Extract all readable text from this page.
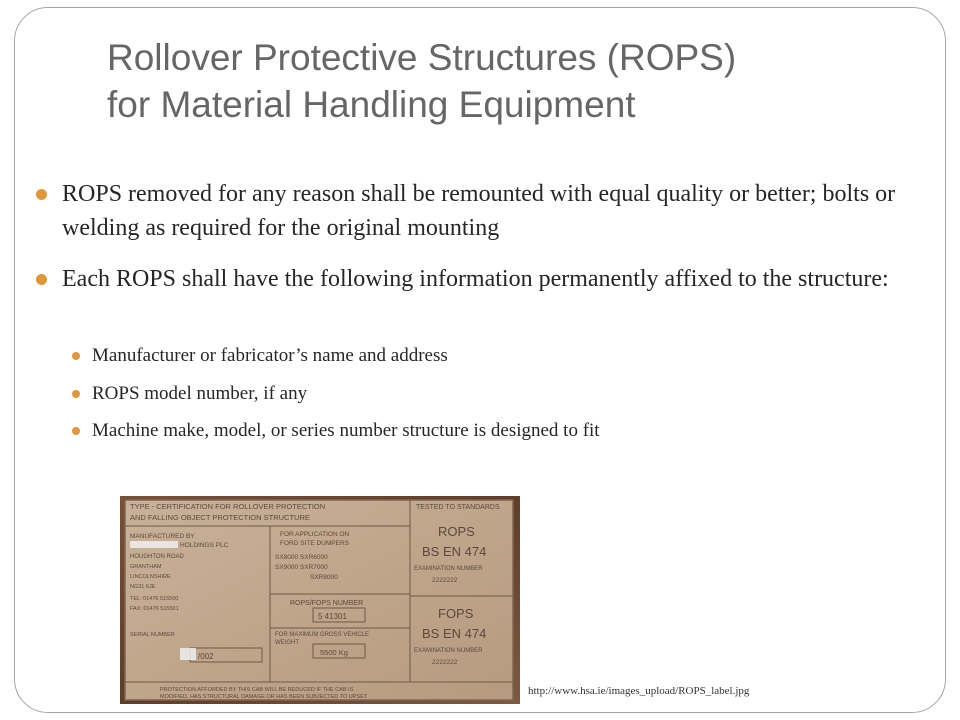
Rollover Protective Structures (ROPS)
for Material Handling Equipment
ROPS removed for any reason shall be remounted with equal quality or better; bolts or welding as required for the original mounting
Each ROPS shall have the following information permanently affixed to the structure:
Manufacturer or fabricator’s name and address
ROPS model number, if any
Machine make, model, or series number structure is designed to fit
TYPE - CERTIFICATION FOR ROLLOVER PROTECTION
AND FALLING OBJECT PROTECTION STRUCTURE
TESTED TO STANDARDS
MANUFACTURED BY
HOLDINGS PLC
HOUGHTON ROAD
GRANTHAM
LINCOLNSHIRE
NG31 6JE
TEL: 01476 515500
FAX: 01476 515501
SERIAL NUMBER
/002
FOR APPLICATION ON
FORD SITE DUMPERS
SX8000 SXR6000
SX9000 SXR7000
SXR8000
ROPS/FOPS NUMBER
5 41301
FOR MAXIMUM GROSS VEHICLE
WEIGHT
5500 Kg
ROPS
BS EN 474
EXAMINATION NUMBER
2222222
FOPS
BS EN 474
EXAMINATION NUMBER
2222222
PROTECTION AFFORDED BY THIS CAB WILL BE REDUCED IF THE CAB IS
MODIFIED, HAS STRUCTURAL DAMAGE OR HAS BEEN SUBJECTED TO UPSET	http://www.hsa.ie/images_upload/ROPS_label.jpg
